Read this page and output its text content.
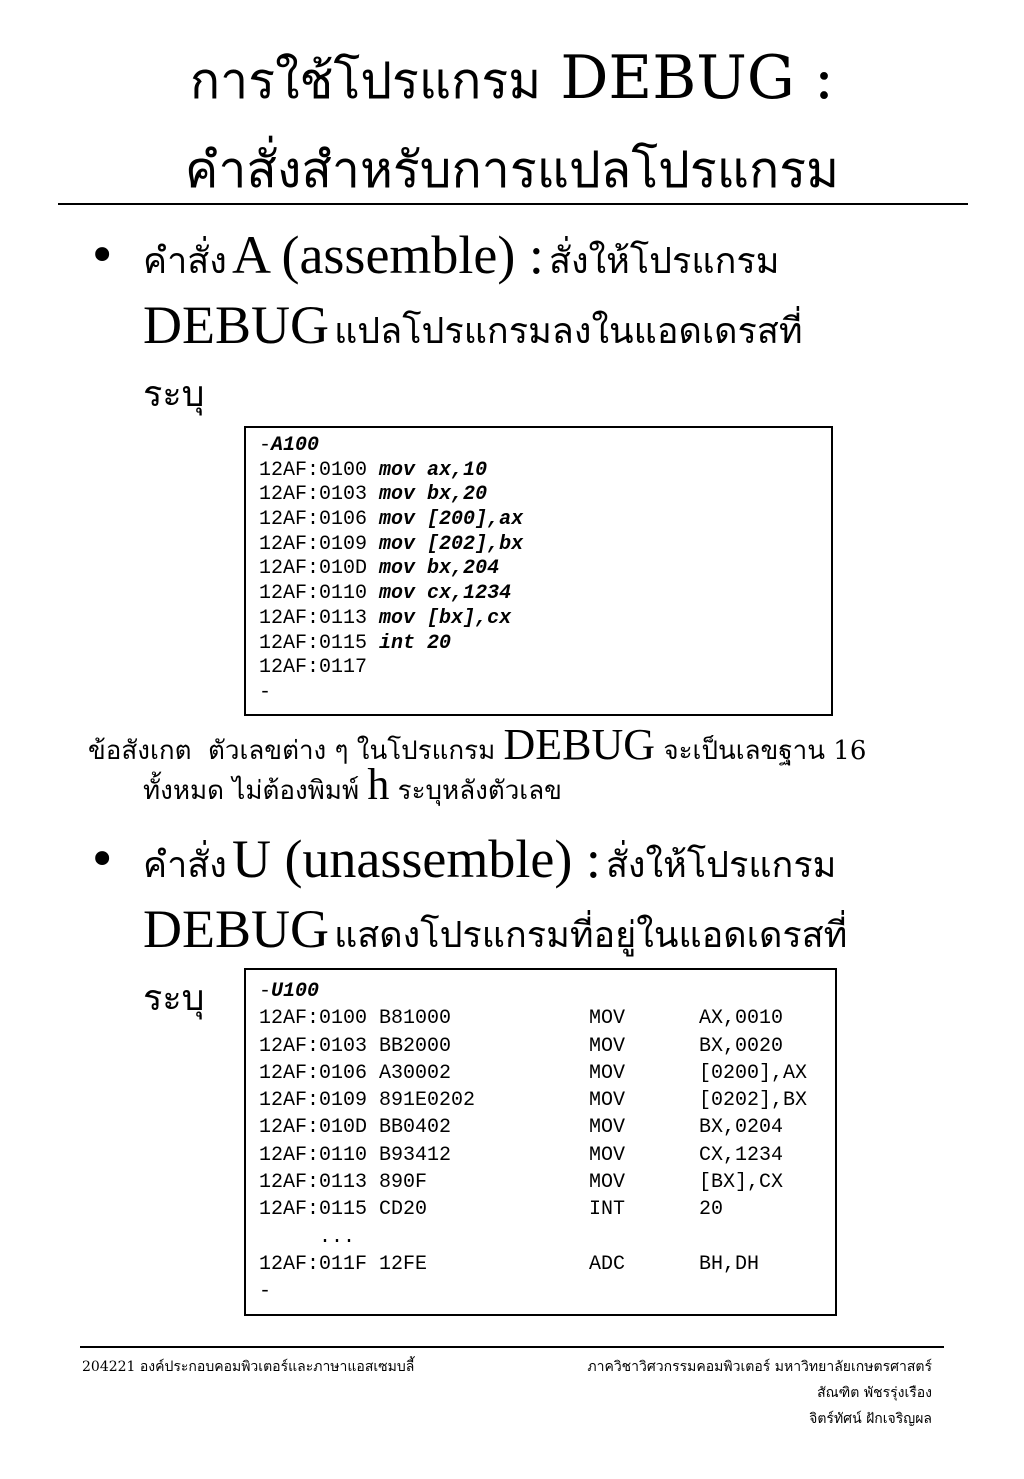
การใช้โปรแกรม DEBUG :
คำสั่งสำหรับการแปลโปรแกรม
• คำสั่ง A (assemble) : สั่งให้โปรแกรม
DEBUG แปลโปรแกรมลงในแอดเดรสที่
ระบุ
-A100
12AF:0100 mov ax,10
12AF:0103 mov bx,20
12AF:0106 mov [200],ax
12AF:0109 mov [202],bx
12AF:010D mov bx,204
12AF:0110 mov cx,1234
12AF:0113 mov [bx],cx
12AF:0115 int 20
12AF:0117
-
ข้อสังเกต ตัวเลขต่าง ๆ ในโปรแกรม DEBUG จะเป็นเลขฐาน 16
ทั้งหมด ไม่ต้องพิมพ์ h ระบุหลังตัวเลข
• คำสั่ง U (unassemble) : สั่งให้โปรแกรม
DEBUG แสดงโปรแกรมที่อยู่ในแอดเดรสที่
ระบุ	-U100
12AF:0100 B81000	MOV	AX,0010
12AF:0103 BB2000	MOV	BX,0020
12AF:0106 A30002	MOV	[0200],AX
12AF:0109 891E0202	MOV	[0202],BX
12AF:010D BB0402	MOV	BX,0204
12AF:0110 B93412	MOV	CX,1234
12AF:0113 890F	MOV	[BX],CX
12AF:0115 CD20	INT	20
...
12AF:011F 12FE	ADC	BH,DH
-
204221 องค์ประกอบคอมพิวเตอร์และภาษาแอสเซมบลี้	ภาควิชาวิศวกรรมคอมพิวเตอร์ มหาวิทยาลัยเกษตรศาสตร์
สัณฑิต พัชรรุ่งเรือง
จิตร์ทัศน์ ฝักเจริญผล
